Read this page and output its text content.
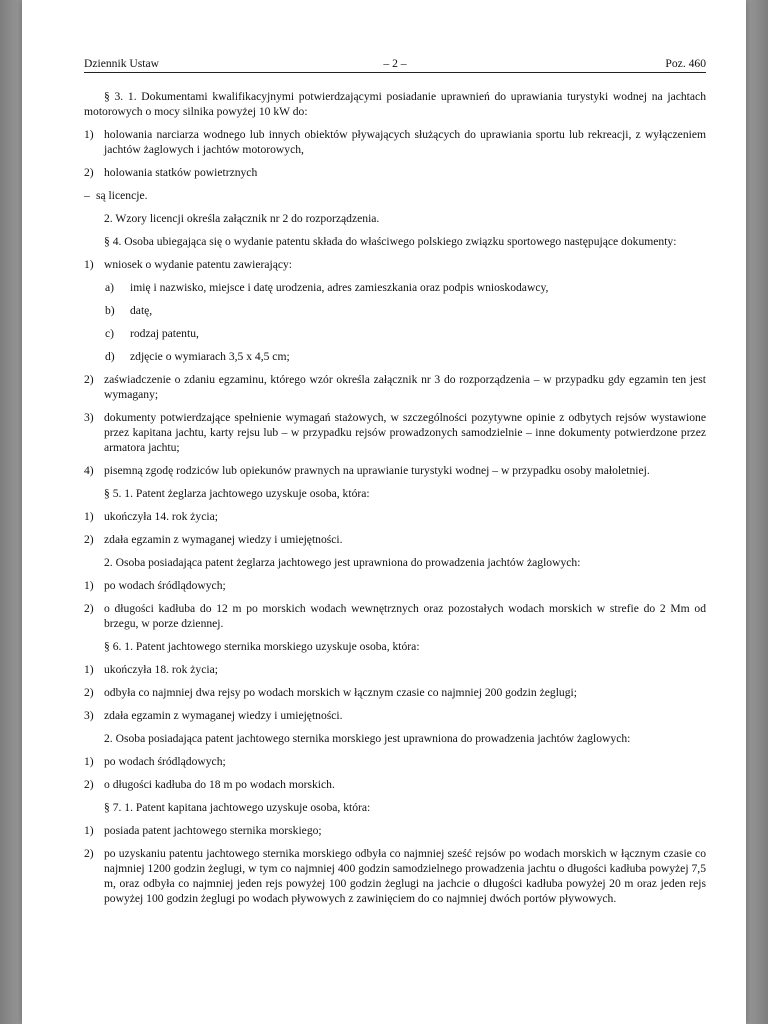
Dziennik Ustaw	– 2 –	Poz. 460

§ 3. 1. Dokumentami kwalifikacyjnymi potwierdzającymi posiadanie uprawnień do uprawiania turystyki wodnej na jachtach motorowych o mocy silnika powyżej 10 kW do:

1) holowania narciarza wodnego lub innych obiektów pływających służących do uprawiania sportu lub rekreacji, z wyłączeniem jachtów żaglowych i jachtów motorowych,
2) holowania statków powietrznych
– są licencje.

2. Wzory licencji określa załącznik nr 2 do rozporządzenia.

§ 4. Osoba ubiegająca się o wydanie patentu składa do właściwego polskiego związku sportowego następujące dokumenty:

1) wniosek o wydanie patentu zawierający:
a) imię i nazwisko, miejsce i datę urodzenia, adres zamieszkania oraz podpis wnioskodawcy,
b) datę,
c) rodzaj patentu,
d) zdjęcie o wymiarach 3,5 x 4,5 cm;
2) zaświadczenie o zdaniu egzaminu, którego wzór określa załącznik nr 3 do rozporządzenia – w przypadku gdy egzamin ten jest wymagany;
3) dokumenty potwierdzające spełnienie wymagań stażowych, w szczególności pozytywne opinie z odbytych rejsów wystawione przez kapitana jachtu, karty rejsu lub – w przypadku rejsów prowadzonych samodzielnie – inne dokumenty potwierdzone przez armatora jachtu;
4) pisemną zgodę rodziców lub opiekunów prawnych na uprawianie turystyki wodnej – w przypadku osoby małoletniej.

§ 5. 1. Patent żeglarza jachtowego uzyskuje osoba, która:

1) ukończyła 14. rok życia;
2) zdała egzamin z wymaganej wiedzy i umiejętności.

2. Osoba posiadająca patent żeglarza jachtowego jest uprawniona do prowadzenia jachtów żaglowych:

1) po wodach śródlądowych;
2) o długości kadłuba do 12 m po morskich wodach wewnętrznych oraz pozostałych wodach morskich w strefie do 2 Mm od brzegu, w porze dziennej.

§ 6. 1. Patent jachtowego sternika morskiego uzyskuje osoba, która:

1) ukończyła 18. rok życia;
2) odbyła co najmniej dwa rejsy po wodach morskich w łącznym czasie co najmniej 200 godzin żeglugi;
3) zdała egzamin z wymaganej wiedzy i umiejętności.

2. Osoba posiadająca patent jachtowego sternika morskiego jest uprawniona do prowadzenia jachtów żaglowych:

1) po wodach śródlądowych;
2) o długości kadłuba do 18 m po wodach morskich.

§ 7. 1. Patent kapitana jachtowego uzyskuje osoba, która:

1) posiada patent jachtowego sternika morskiego;
2) po uzyskaniu patentu jachtowego sternika morskiego odbyła co najmniej sześć rejsów po wodach morskich w łącznym czasie co najmniej 1200 godzin żeglugi, w tym co najmniej 400 godzin samodzielnego prowadzenia jachtu o długości kadłuba powyżej 7,5 m, oraz odbyła co najmniej jeden rejs powyżej 100 godzin żeglugi na jachcie o długości kadłuba powyżej 20 m oraz jeden rejs powyżej 100 godzin żeglugi po wodach pływowych z zawinięciem do co najmniej dwóch portów pływowych.
